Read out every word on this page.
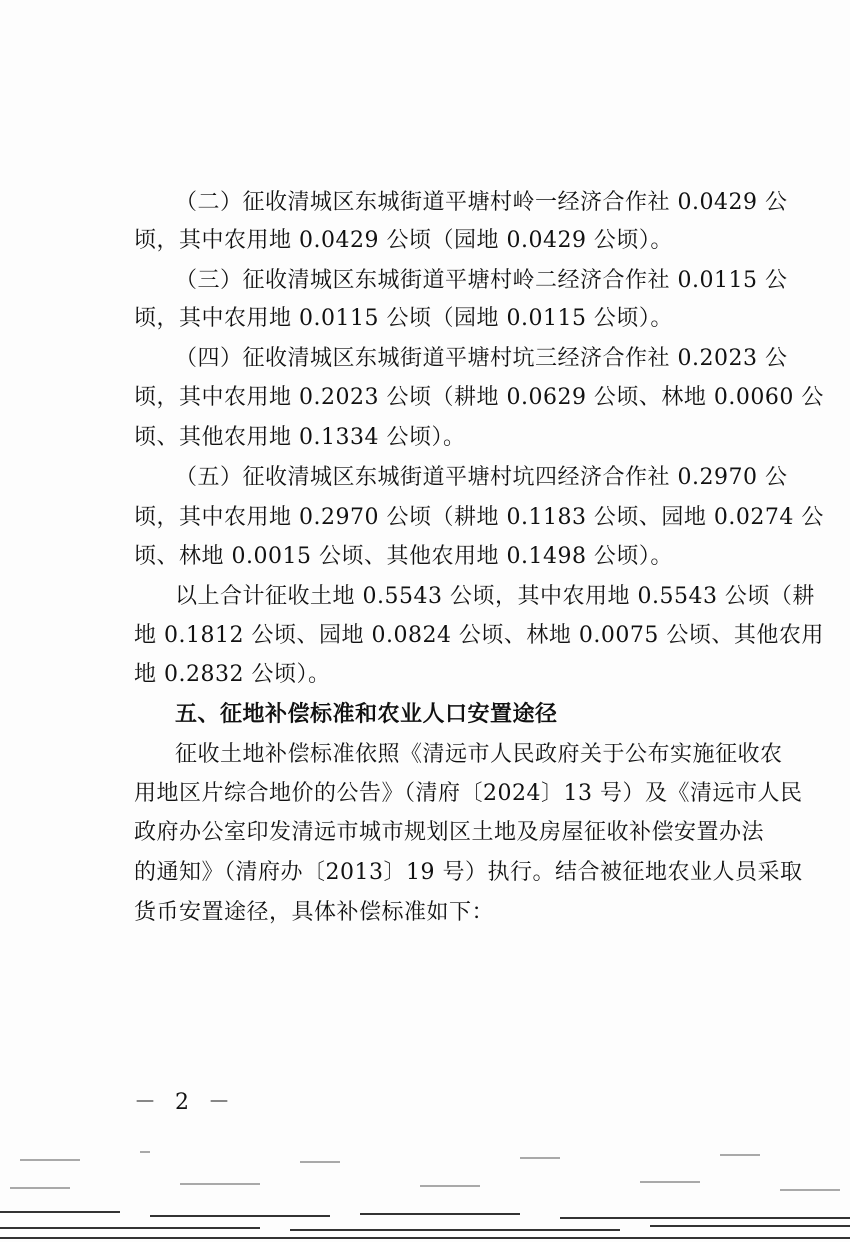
（二）征收清城区东城街道平塘村岭一经济合作社 0.0429 公
顷，其中农用地 0.0429 公顷（园地 0.0429 公顷）。
（三）征收清城区东城街道平塘村岭二经济合作社 0.0115 公
顷，其中农用地 0.0115 公顷（园地 0.0115 公顷）。
（四）征收清城区东城街道平塘村坑三经济合作社 0.2023 公
顷，其中农用地 0.2023 公顷（耕地 0.0629 公顷、林地 0.0060 公
顷、其他农用地 0.1334 公顷）。
（五）征收清城区东城街道平塘村坑四经济合作社 0.2970 公
顷，其中农用地 0.2970 公顷（耕地 0.1183 公顷、园地 0.0274 公
顷、林地 0.0015 公顷、其他农用地 0.1498 公顷）。
以上合计征收土地 0.5543 公顷，其中农用地 0.5543 公顷（耕
地 0.1812 公顷、园地 0.0824 公顷、林地 0.0075 公顷、其他农用
地 0.2832 公顷）。
五、征地补偿标准和农业人口安置途径
征收土地补偿标准依照《清远市人民政府关于公布实施征收农
用地区片综合地价的公告》（清府〔2024〕13 号）及《清远市人民
政府办公室印发清远市城市规划区土地及房屋征收补偿安置办法
的通知》（清府办〔2013〕19 号）执行。结合被征地农业人员采取
货币安置途径，具体补偿标准如下：
－ 2 －
